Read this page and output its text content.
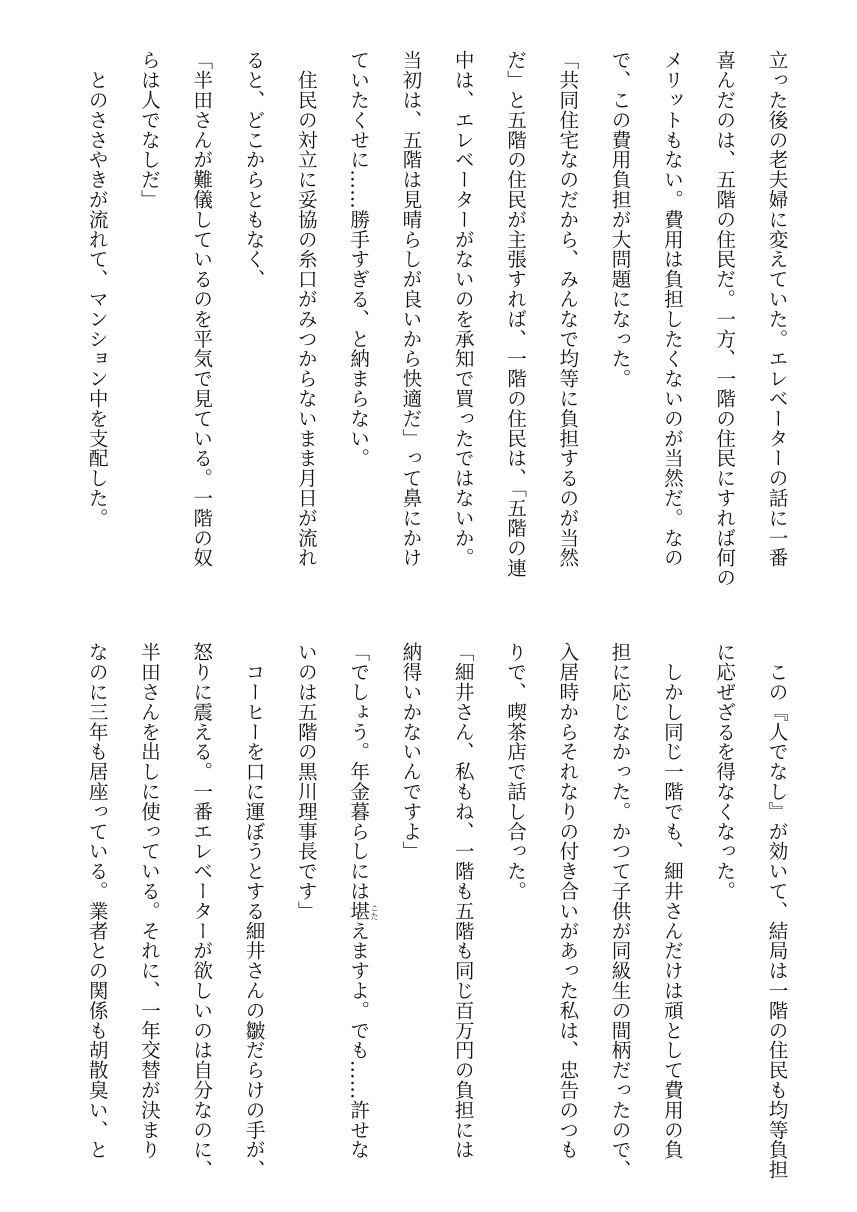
立った後の老夫婦に変えていた。エレベーターの話に一番
喜んだのは、五階の住民だ。一方、一階の住民にすれば何の
メリットもない。費用は負担したくないのが当然だ。なの
で、この費用負担が大問題になった。
「共同住宅なのだから、みんなで均等に負担するのが当然
だ」と五階の住民が主張すれば、一階の住民は、「五階の連
中は、エレベーターがないのを承知で買ったではないか。
当初は、五階は見晴らしが良いから快適だ」って鼻にかけ
ていたくせに……勝手すぎる、と納まらない。
　住民の対立に妥協の糸口がみつからないまま月日が流れ
ると、どこからともなく、
「半田さんが難儀しているのを平気で見ている。一階の奴
らは人でなしだ」
　とのささやきが流れて、マンション中を支配した。
　この『人でなし』が効いて、結局は一階の住民も均等負担
に応ぜざるを得なくなった。
　しかし同じ一階でも、細井さんだけは頑として費用の負
担に応じなかった。かつて子供が同級生の間柄だったので、
入居時からそれなりの付き合いがあった私は、忠告のつも
りで、喫茶店で話し合った。
「細井さん、私もね、一階も五階も同じ百万円の負担には
納得いかないんですよ」
「でしょう。年金暮らしには堪えますよ。でも……許せな
いのは五階の黒川理事長です」
　コーヒーを口に運ぼうとする細井さんの皺だらけの手が、
怒りに震える。一番エレベーターが欲しいのは自分なのに、
半田さんを出しに使っている。それに、一年交替が決まり
なのに三年も居座っている。業者との関係も胡散臭い、と	こた
